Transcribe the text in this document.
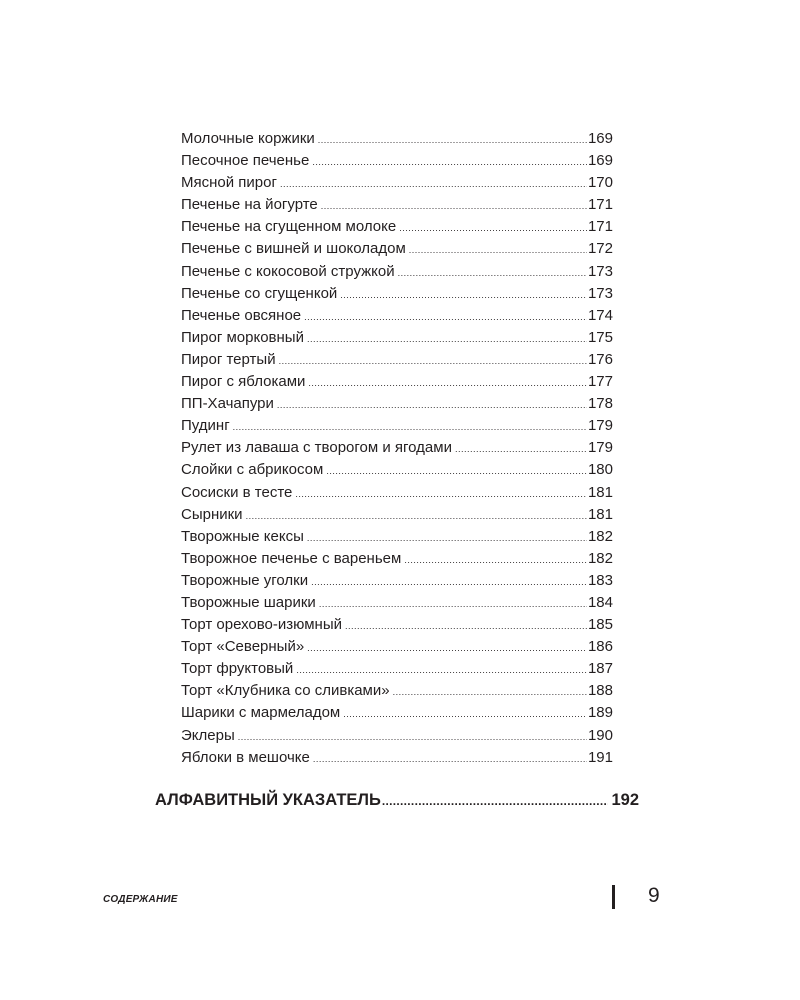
Молочные коржики .....	169
Песочное печенье .....	169
Мясной пирог .....	170
Печенье на йогурте .....	171
Печенье на сгущенном молоке .....	171
Печенье с вишней и шоколадом .....	172
Печенье с кокосовой стружкой .....	173
Печенье со сгущенкой .....	173
Печенье овсяное .....	174
Пирог морковный .....	175
Пирог тертый .....	176
Пирог с яблоками .....	177
ПП-Хачапури .....	178
Пудинг .....	179
Рулет из лаваша с творогом и ягодами .....	179
Слойки с абрикосом .....	180
Сосиски в тесте .....	181
Сырники .....	181
Творожные кексы .....	182
Творожное печенье с вареньем .....	182
Творожные уголки .....	183
Творожные шарики .....	184
Торт орехово-изюмный .....	185
Торт «Северный» .....	186
Торт фруктовый .....	187
Торт «Клубника со сливками» .....	188
Шарики с мармеладом .....	189
Эклеры .....	190
Яблоки в мешочке .....	191
АЛФАВИТНЫЙ УКАЗАТЕЛЬ .....	192
СОДЕРЖАНИЕ	9
